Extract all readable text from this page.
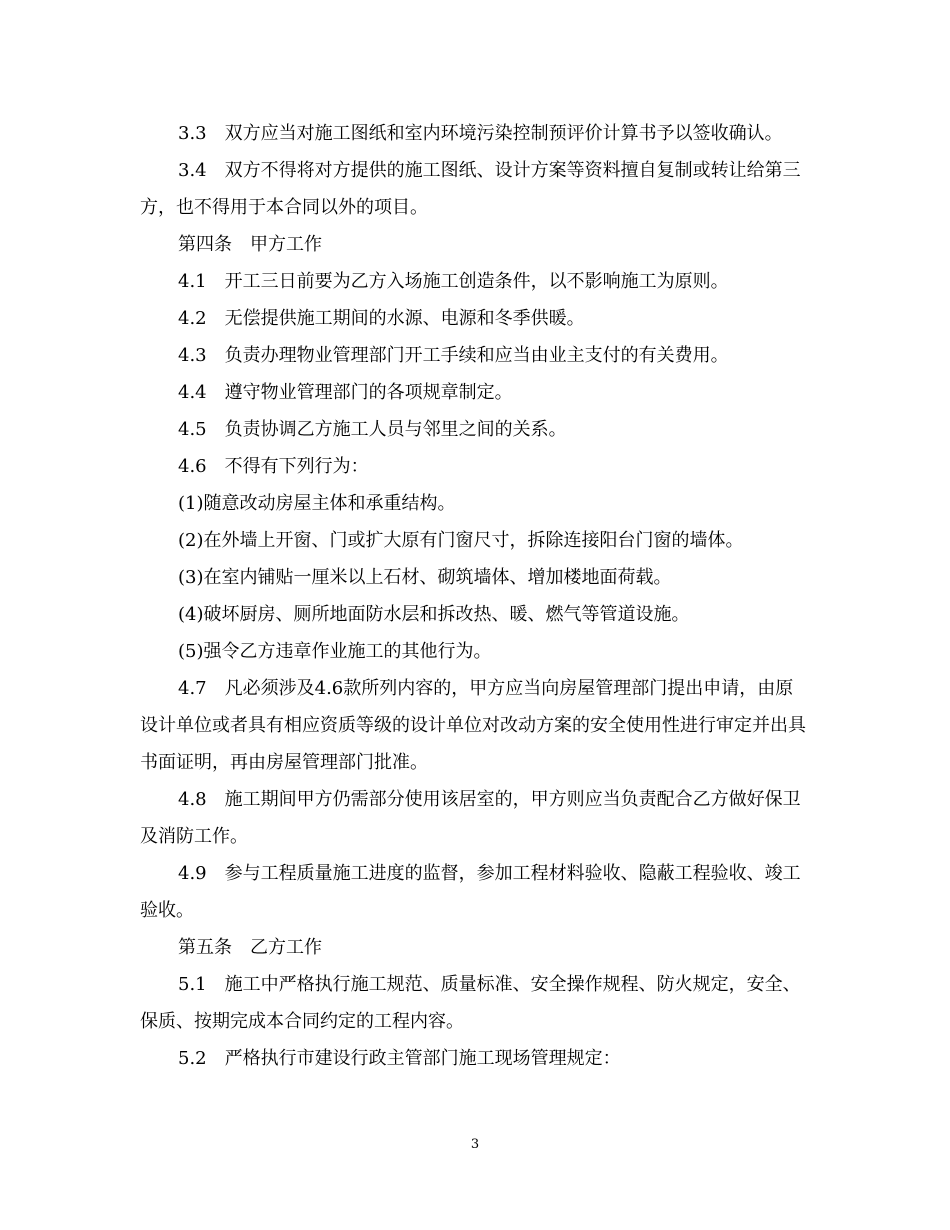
3.3　双方应当对施工图纸和室内环境污染控制预评价计算书予以签收确认。

3.4　双方不得将对方提供的施工图纸、设计方案等资料擅自复制或转让给第三方，也不得用于本合同以外的项目。

第四条　甲方工作

4.1　开工三日前要为乙方入场施工创造条件，以不影响施工为原则。

4.2　无偿提供施工期间的水源、电源和冬季供暖。

4.3　负责办理物业管理部门开工手续和应当由业主支付的有关费用。

4.4　遵守物业管理部门的各项规章制定。

4.5　负责协调乙方施工人员与邻里之间的关系。

4.6　不得有下列行为：

(1)随意改动房屋主体和承重结构。

(2)在外墙上开窗、门或扩大原有门窗尺寸，拆除连接阳台门窗的墙体。

(3)在室内铺贴一厘米以上石材、砌筑墙体、增加楼地面荷载。

(4)破坏厨房、厕所地面防水层和拆改热、暖、燃气等管道设施。

(5)强令乙方违章作业施工的其他行为。

4.7　凡必须涉及4.6款所列内容的，甲方应当向房屋管理部门提出申请，由原设计单位或者具有相应资质等级的设计单位对改动方案的安全使用性进行审定并出具书面证明，再由房屋管理部门批准。

4.8　施工期间甲方仍需部分使用该居室的，甲方则应当负责配合乙方做好保卫及消防工作。

4.9　参与工程质量施工进度的监督，参加工程材料验收、隐蔽工程验收、竣工验收。

第五条　乙方工作

5.1　施工中严格执行施工规范、质量标准、安全操作规程、防火规定，安全、保质、按期完成本合同约定的工程内容。

5.2　严格执行市建设行政主管部门施工现场管理规定：

3
